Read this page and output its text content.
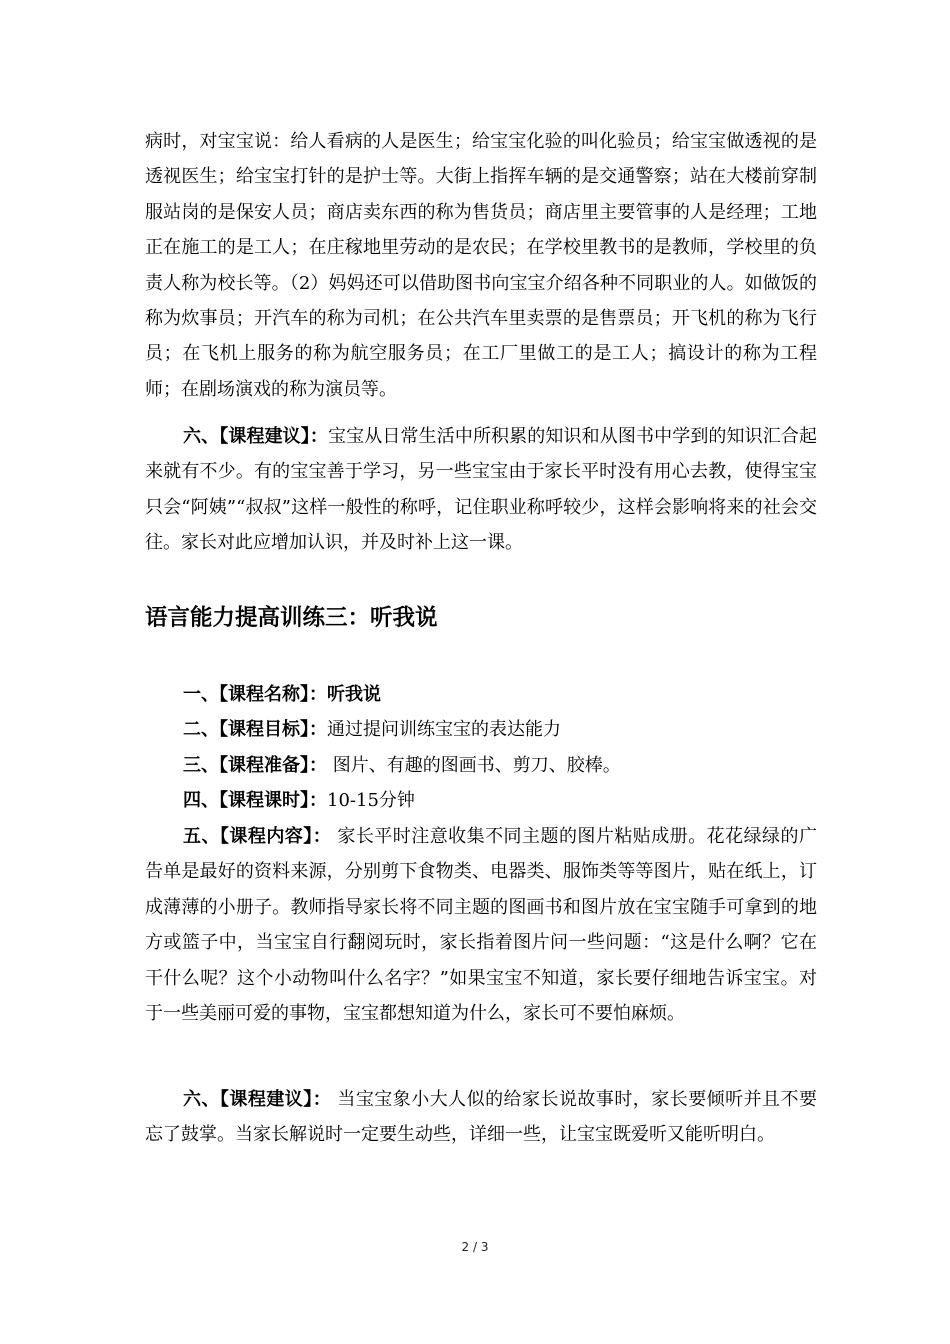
病时，对宝宝说：给人看病的人是医生；给宝宝化验的叫化验员；给宝宝做透视的是透视医生；给宝宝打针的是护士等。大街上指挥车辆的是交通警察；站在大楼前穿制服站岗的是保安人员；商店卖东西的称为售货员；商店里主要管事的人是经理；工地正在施工的是工人；在庄稼地里劳动的是农民；在学校里教书的是教师，学校里的负责人称为校长等。（2）妈妈还可以借助图书向宝宝介绍各种不同职业的人。如做饭的称为炊事员；开汽车的称为司机；在公共汽车里卖票的是售票员；开飞机的称为飞行员；在飞机上服务的称为航空服务员；在工厂里做工的是工人；搞设计的称为工程师；在剧场演戏的称为演员等。

六、【课程建议】：宝宝从日常生活中所积累的知识和从图书中学到的知识汇合起来就有不少。有的宝宝善于学习，另一些宝宝由于家长平时没有用心去教，使得宝宝只会“阿姨”“叔叔”这样一般性的称呼，记住职业称呼较少，这样会影响将来的社会交往。家长对此应增加认识，并及时补上这一课。

语言能力提高训练三：听我说
一、【课程名称】：听我说
二、【课程目标】：通过提问训练宝宝的表达能力
三、【课程准备】： 图片、有趣的图画书、剪刀、胶棒。
四、【课程课时】：10-15分钟

五、【课程内容】： 家长平时注意收集不同主题的图片粘贴成册。花花绿绿的广告单是最好的资料来源，分别剪下食物类、电器类、服饰类等等图片，贴在纸上，订成薄薄的小册子。教师指导家长将不同主题的图画书和图片放在宝宝随手可拿到的地方或篮子中，当宝宝自行翻阅玩时，家长指着图片问一些问题：“这是什么啊？它在干什么呢？这个小动物叫什么名字？”如果宝宝不知道，家长要仔细地告诉宝宝。对于一些美丽可爱的事物，宝宝都想知道为什么，家长可不要怕麻烦。

六、【课程建议】： 当宝宝象小大人似的给家长说故事时，家长要倾听并且不要忘了鼓掌。当家长解说时一定要生动些，详细一些，让宝宝既爱听又能听明白。

2 / 3
